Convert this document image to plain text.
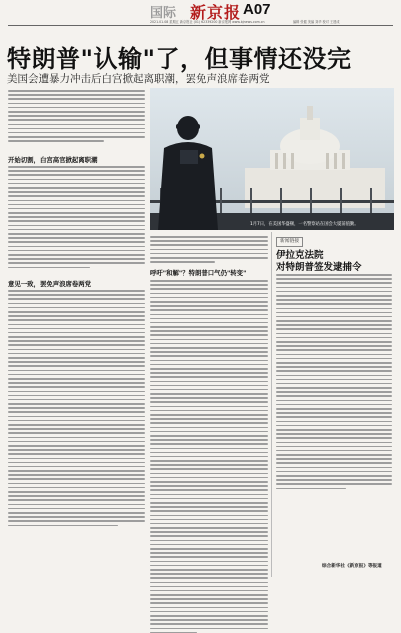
国际 新京报 A07
2021.01.08 星期五 新京报社 (01) 62339200 新京报网 www.bjnews.com.cn	编辑 张健 美编 刘华 校对 王建成
特朗普"认输"了，但事情还没完
美国会遭暴力冲击后白宫掀起离职潮，罢免声浪席卷两党
1月7日，在美国华盛顿，一名警察站在国会大厦前值勤。
开始切割，白宫高官掀起离职潮
意见一致，罢免声浪席卷两党
呼吁"和解"？特朗普口气仍"转变"
新闻链接
伊拉克法院
对特朗普签发逮捕令
综合新华社《新京报》等报道
